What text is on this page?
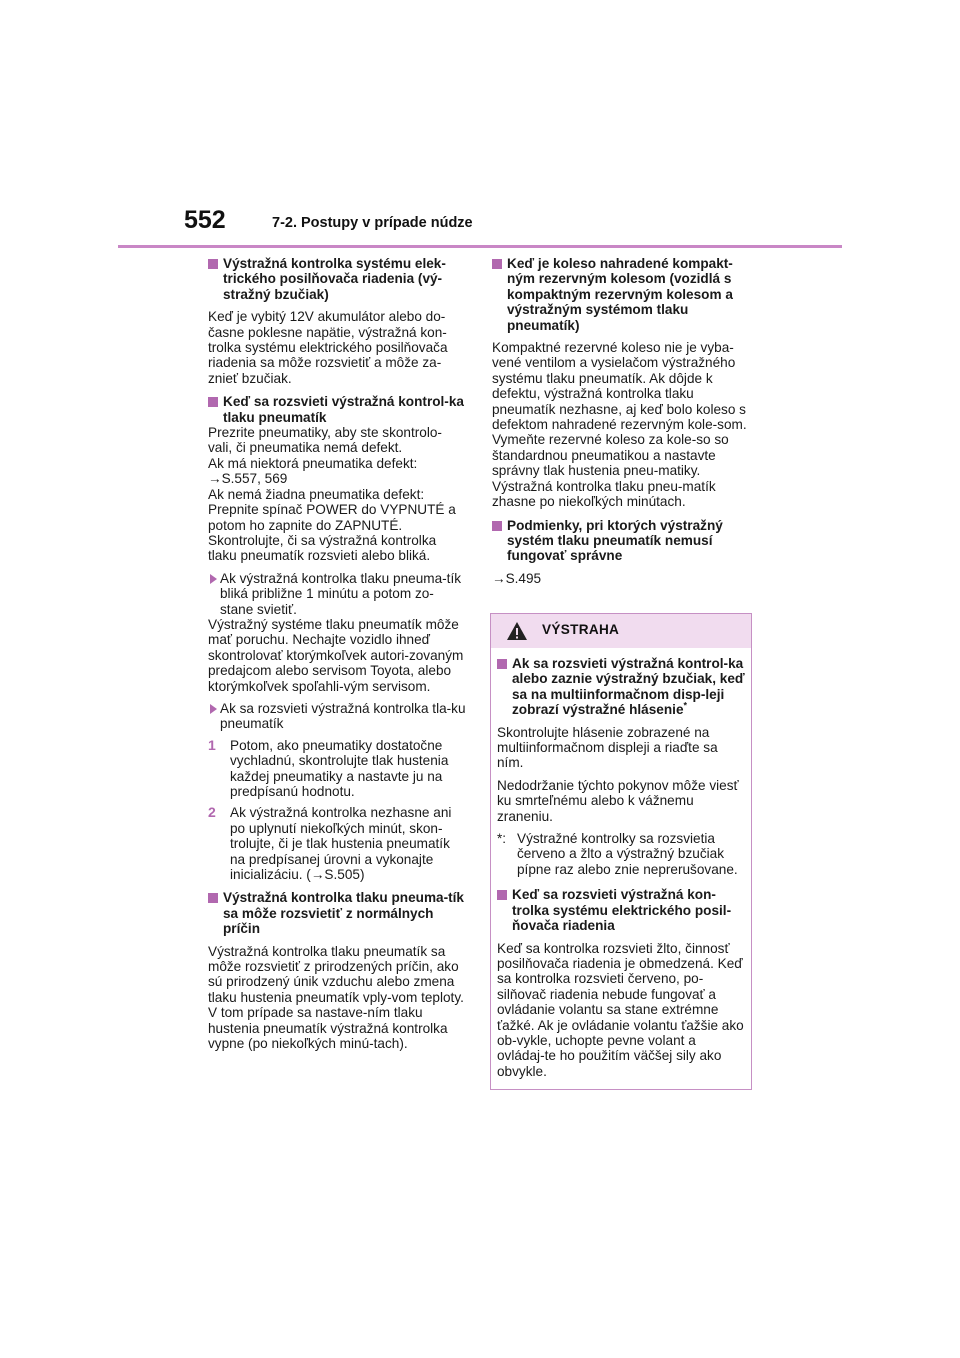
552	7-2. Postupy v prípade núdze
Výstražná kontrolka systému elek-trického posilňovača riadenia (vý-stražný bzučiak)
Keď je vybitý 12V akumulátor alebo do-časne poklesne napätie, výstražná kon-trolka systému elektrického posilňovača riadenia sa môže rozsvietiť a môže za-znieť bzučiak.
Keď sa rozsvieti výstražná kontrol-ka tlaku pneumatík
Prezrite pneumatiky, aby ste skontrolo-vali, či pneumatika nemá defekt.
Ak má niektorá pneumatika defekt:
→S.557, 569
Ak nemá žiadna pneumatika defekt:
Prepnite spínač POWER do VYPNUTÉ a potom ho zapnite do ZAPNUTÉ. Skontrolujte, či sa výstražná kontrolka tlaku pneumatík rozsvieti alebo bliká.
Ak výstražná kontrolka tlaku pneuma-tík bliká približne 1 minútu a potom zo-stane svietiť.
Výstražný systéme tlaku pneumatík môže mať poruchu. Nechajte vozidlo ihneď skontrolovať ktorýmkoľvek autori-zovaným predajcom alebo servisom Toyota, alebo ktorýmkoľvek spoľahli-vým servisom.
Ak sa rozsvieti výstražná kontrolka tla-ku pneumatík
1 Potom, ako pneumatiky dostatočne vychladnú, skontrolujte tlak hustenia každej pneumatiky a nastavte ju na predpísanú hodnotu.
2 Ak výstražná kontrolka nezhasne ani po uplynutí niekoľkých minút, skon-trolujte, či je tlak hustenia pneumatík na predpísanej úrovni a vykonajte inicializáciu. (→S.505)
Výstražná kontrolka tlaku pneuma-tík sa môže rozsvietiť z normálnych príčin
Výstražná kontrolka tlaku pneumatík sa môže rozsvietiť z prirodzených príčin, ako sú prirodzený únik vzduchu alebo zmena tlaku hustenia pneumatík vply-vom teploty. V tom prípade sa nastave-ním tlaku hustenia pneumatík výstražná kontrolka vypne (po niekoľkých minú-tach).
Keď je koleso nahradené kompakt-ným rezervným kolesom (vozidlá s kompaktným rezervným kolesom a výstražným systémom tlaku pneumatík)
Kompaktné rezervné koleso nie je vyba-vené ventilom a vysielačom výstražného systému tlaku pneumatík. Ak dôjde k defektu, výstražná kontrolka tlaku pneumatík nezhasne, aj keď bolo koleso s defektom nahradené rezervným kole-som. Vymeňte rezervné koleso za kole-so so štandardnou pneumatikou a nastavte správny tlak hustenia pneu-matiky. Výstražná kontrolka tlaku pneu-matík zhasne po niekoľkých minútach.
Podmienky, pri ktorých výstražný systém tlaku pneumatík nemusí fungovať správne
→S.495
VÝSTRAHA
Ak sa rozsvieti výstražná kontrol-ka alebo zaznie výstražný bzučiak, keď sa na multiinformačnom disp-leji zobrazí výstražné hlásenie*
Skontrolujte hlásenie zobrazené na multiinformačnom displeji a riaďte sa ním.
Nedodržanie týchto pokynov môže viesť ku smrteľnému alebo k vážnemu zraneniu.
*: Výstražné kontrolky sa rozsvietia červeno a žlto a výstražný bzučiak pípne raz alebo znie neprerušovane.
Keď sa rozsvieti výstražná kon-trolka systému elektrického posil-ňovača riadenia
Keď sa kontrolka rozsvieti žlto, činnosť posilňovača riadenia je obmedzená. Keď sa kontrolka rozsvieti červeno, po-silňovač riadenia nebude fungovať a ovládanie volantu sa stane extrémne ťažké. Ak je ovládanie volantu ťažšie ako ob-vykle, uchopte pevne volant a ovládaj-te ho použitím väčšej sily ako obvykle.
